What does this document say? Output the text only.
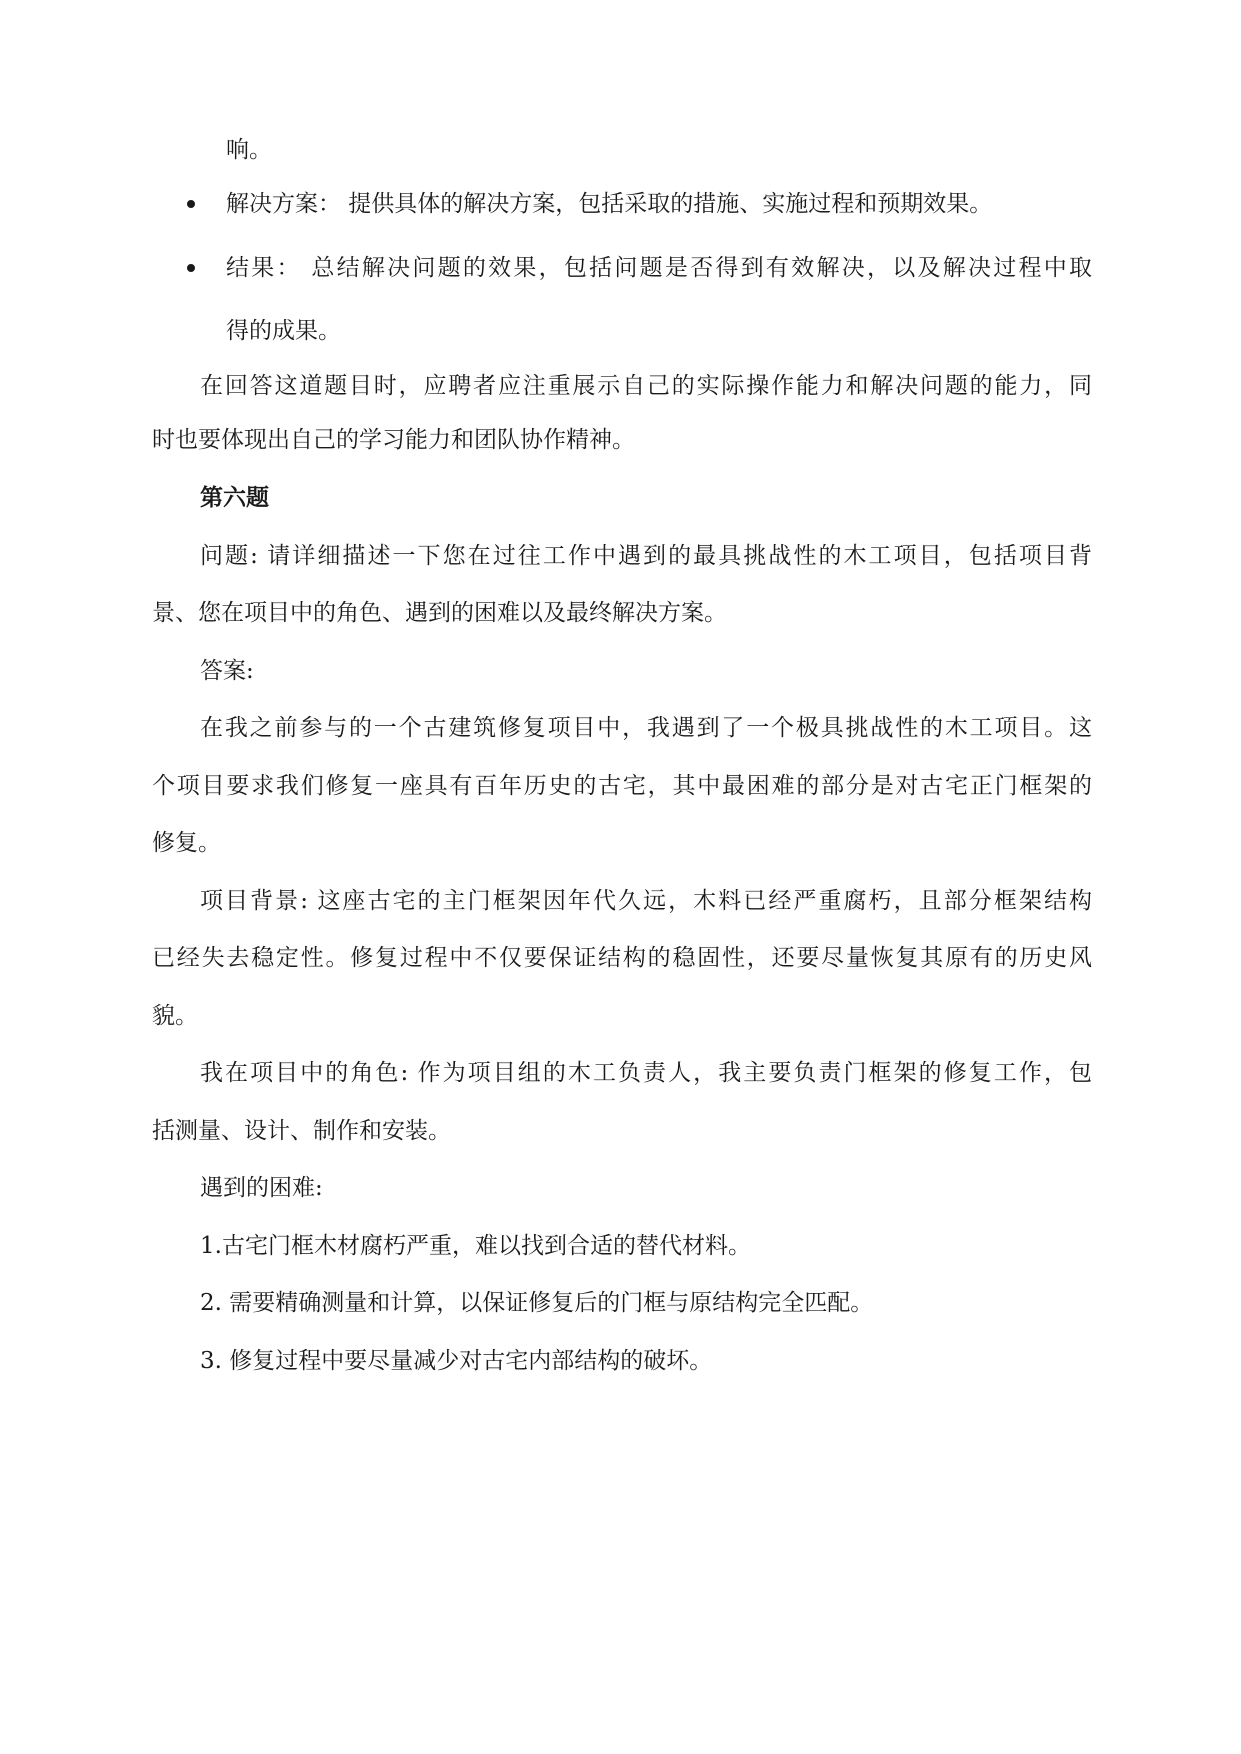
响。
解决方案： 提供具体的解决方案，包括采取的措施、实施过程和预期效果。
结果： 总结解决问题的效果，包括问题是否得到有效解决，以及解决过程中取
得的成果。
在回答这道题目时，应聘者应注重展示自己的实际操作能力和解决问题的能力，同
时也要体现出自己的学习能力和团队协作精神。
第六题
问题: 请详细描述一下您在过往工作中遇到的最具挑战性的木工项目，包括项目背
景、您在项目中的角色、遇到的困难以及最终解决方案。
答案:
在我之前参与的一个古建筑修复项目中，我遇到了一个极具挑战性的木工项目。这
个项目要求我们修复一座具有百年历史的古宅，其中最困难的部分是对古宅正门框架的
修复。
项目背景: 这座古宅的主门框架因年代久远，木料已经严重腐朽，且部分框架结构
已经失去稳定性。修复过程中不仅要保证结构的稳固性，还要尽量恢复其原有的历史风
貌。
我在项目中的角色: 作为项目组的木工负责人，我主要负责门框架的修复工作，包
括测量、设计、制作和安装。
遇到的困难:
1.古宅门框木材腐朽严重，难以找到合适的替代材料。
2. 需要精确测量和计算，以保证修复后的门框与原结构完全匹配。
3. 修复过程中要尽量减少对古宅内部结构的破坏。
